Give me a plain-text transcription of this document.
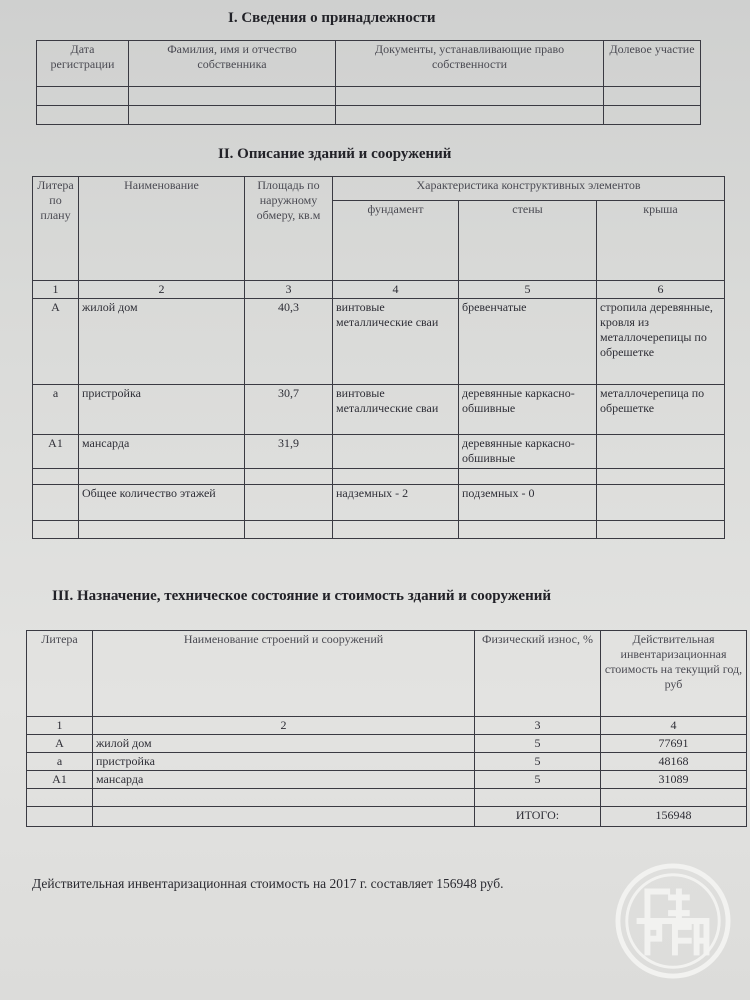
I. Сведения о принадлежности
Дата регистрации	Фамилия, имя и отчество собственника	Документы, устанавливающие право собственности	Долевое участие

II. Описание зданий и сооружений
Литера по плану	Наименование	Площадь по наружному обмеру, кв.м	Характеристика конструктивных элементов		
			фундамент	стены	крыша
1	2	3	4	5	6
А	жилой дом	40,3	винтовые металлические сваи	бревенчатые	стропила деревянные, кровля из металлочерепицы по обрешетке
а	пристройка	30,7	винтовые металлические сваи	деревянные каркасно-обшивные	металлочерепица по обрешетке
А1	мансарда	31,9		деревянные каркасно-обшивные	

	Общее количество этажей		надземных - 2	подземных - 0	

III. Назначение, техническое состояние и стоимость зданий и сооружений
Литера	Наименование строений и сооружений	Физический износ, %	Действительная инвентаризационная стоимость на текущий год, руб
1	2	3	4
А	жилой дом	5	77691
а	пристройка	5	48168
А1	мансарда	5	31089

		ИТОГО:	156948
Действительная инвентаризационная стоимость на 2017 г. составляет 156948 руб.
